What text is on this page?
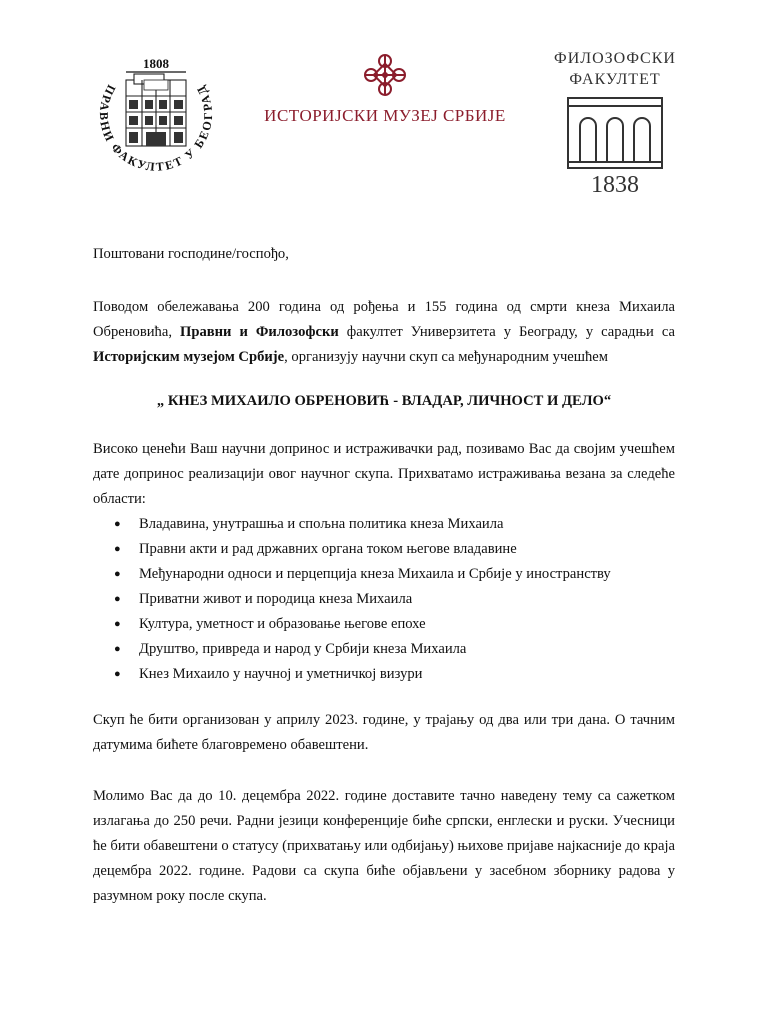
ПРАВНИ ФАКУЛТЕТ У БЕОГРАД
1808
ИСТОРИЈСКИ МУЗЕЈ СРБИЈЕ
ФИЛОЗОФСКИ
ФАКУЛТЕТ
1838

Поштовани господине/госпођо,

Поводом обележавања 200 година од рођења и 155 година од смрти кнеза Михаила Обреновића, Правни и Филозофски факултет Универзитета у Београду, у сарадњи са Историјским музејом Србије, организују научни скуп са међународним учешћем

„ КНЕЗ МИХАИЛО ОБРЕНОВИЋ - ВЛАДАР, ЛИЧНОСТ И ДЕЛО“

Високо ценећи Ваш научни допринос и истраживачки рад, позивамо Вас да својим учешћем дате допринос реализацији овог научног скупа. Прихватамо истраживања везана за следеће области:

● Владавина, унутрашња и спољна политика кнеза Михаила
● Правни акти и рад државних органа током његове владавине
● Међународни односи и перцепција кнеза Михаила и Србије у иностранству
● Приватни живот и породица кнеза Михаила
● Култура, уметност и образовање његове епохе
● Друштво, привреда и народ у Србији кнеза Михаила
● Кнез Михаило у научној и уметничкој визури

Скуп ће бити организован у априлу 2023. године, у трајању од два или три дана. О тачним датумима бићете благовремено обавештени.

Молимо Вас да до 10. децембра 2022. године доставите тачно наведену тему са сажетком излагања до 250 речи. Радни језици конференције биће српски, енглески и руски. Учесници ће бити обавештени о статусу (прихватању или одбијању) њихове пријаве најкасније до краја децембра 2022. године. Радови са скупа биће објављени у засебном зборнику радова у разумном року после скупа.
